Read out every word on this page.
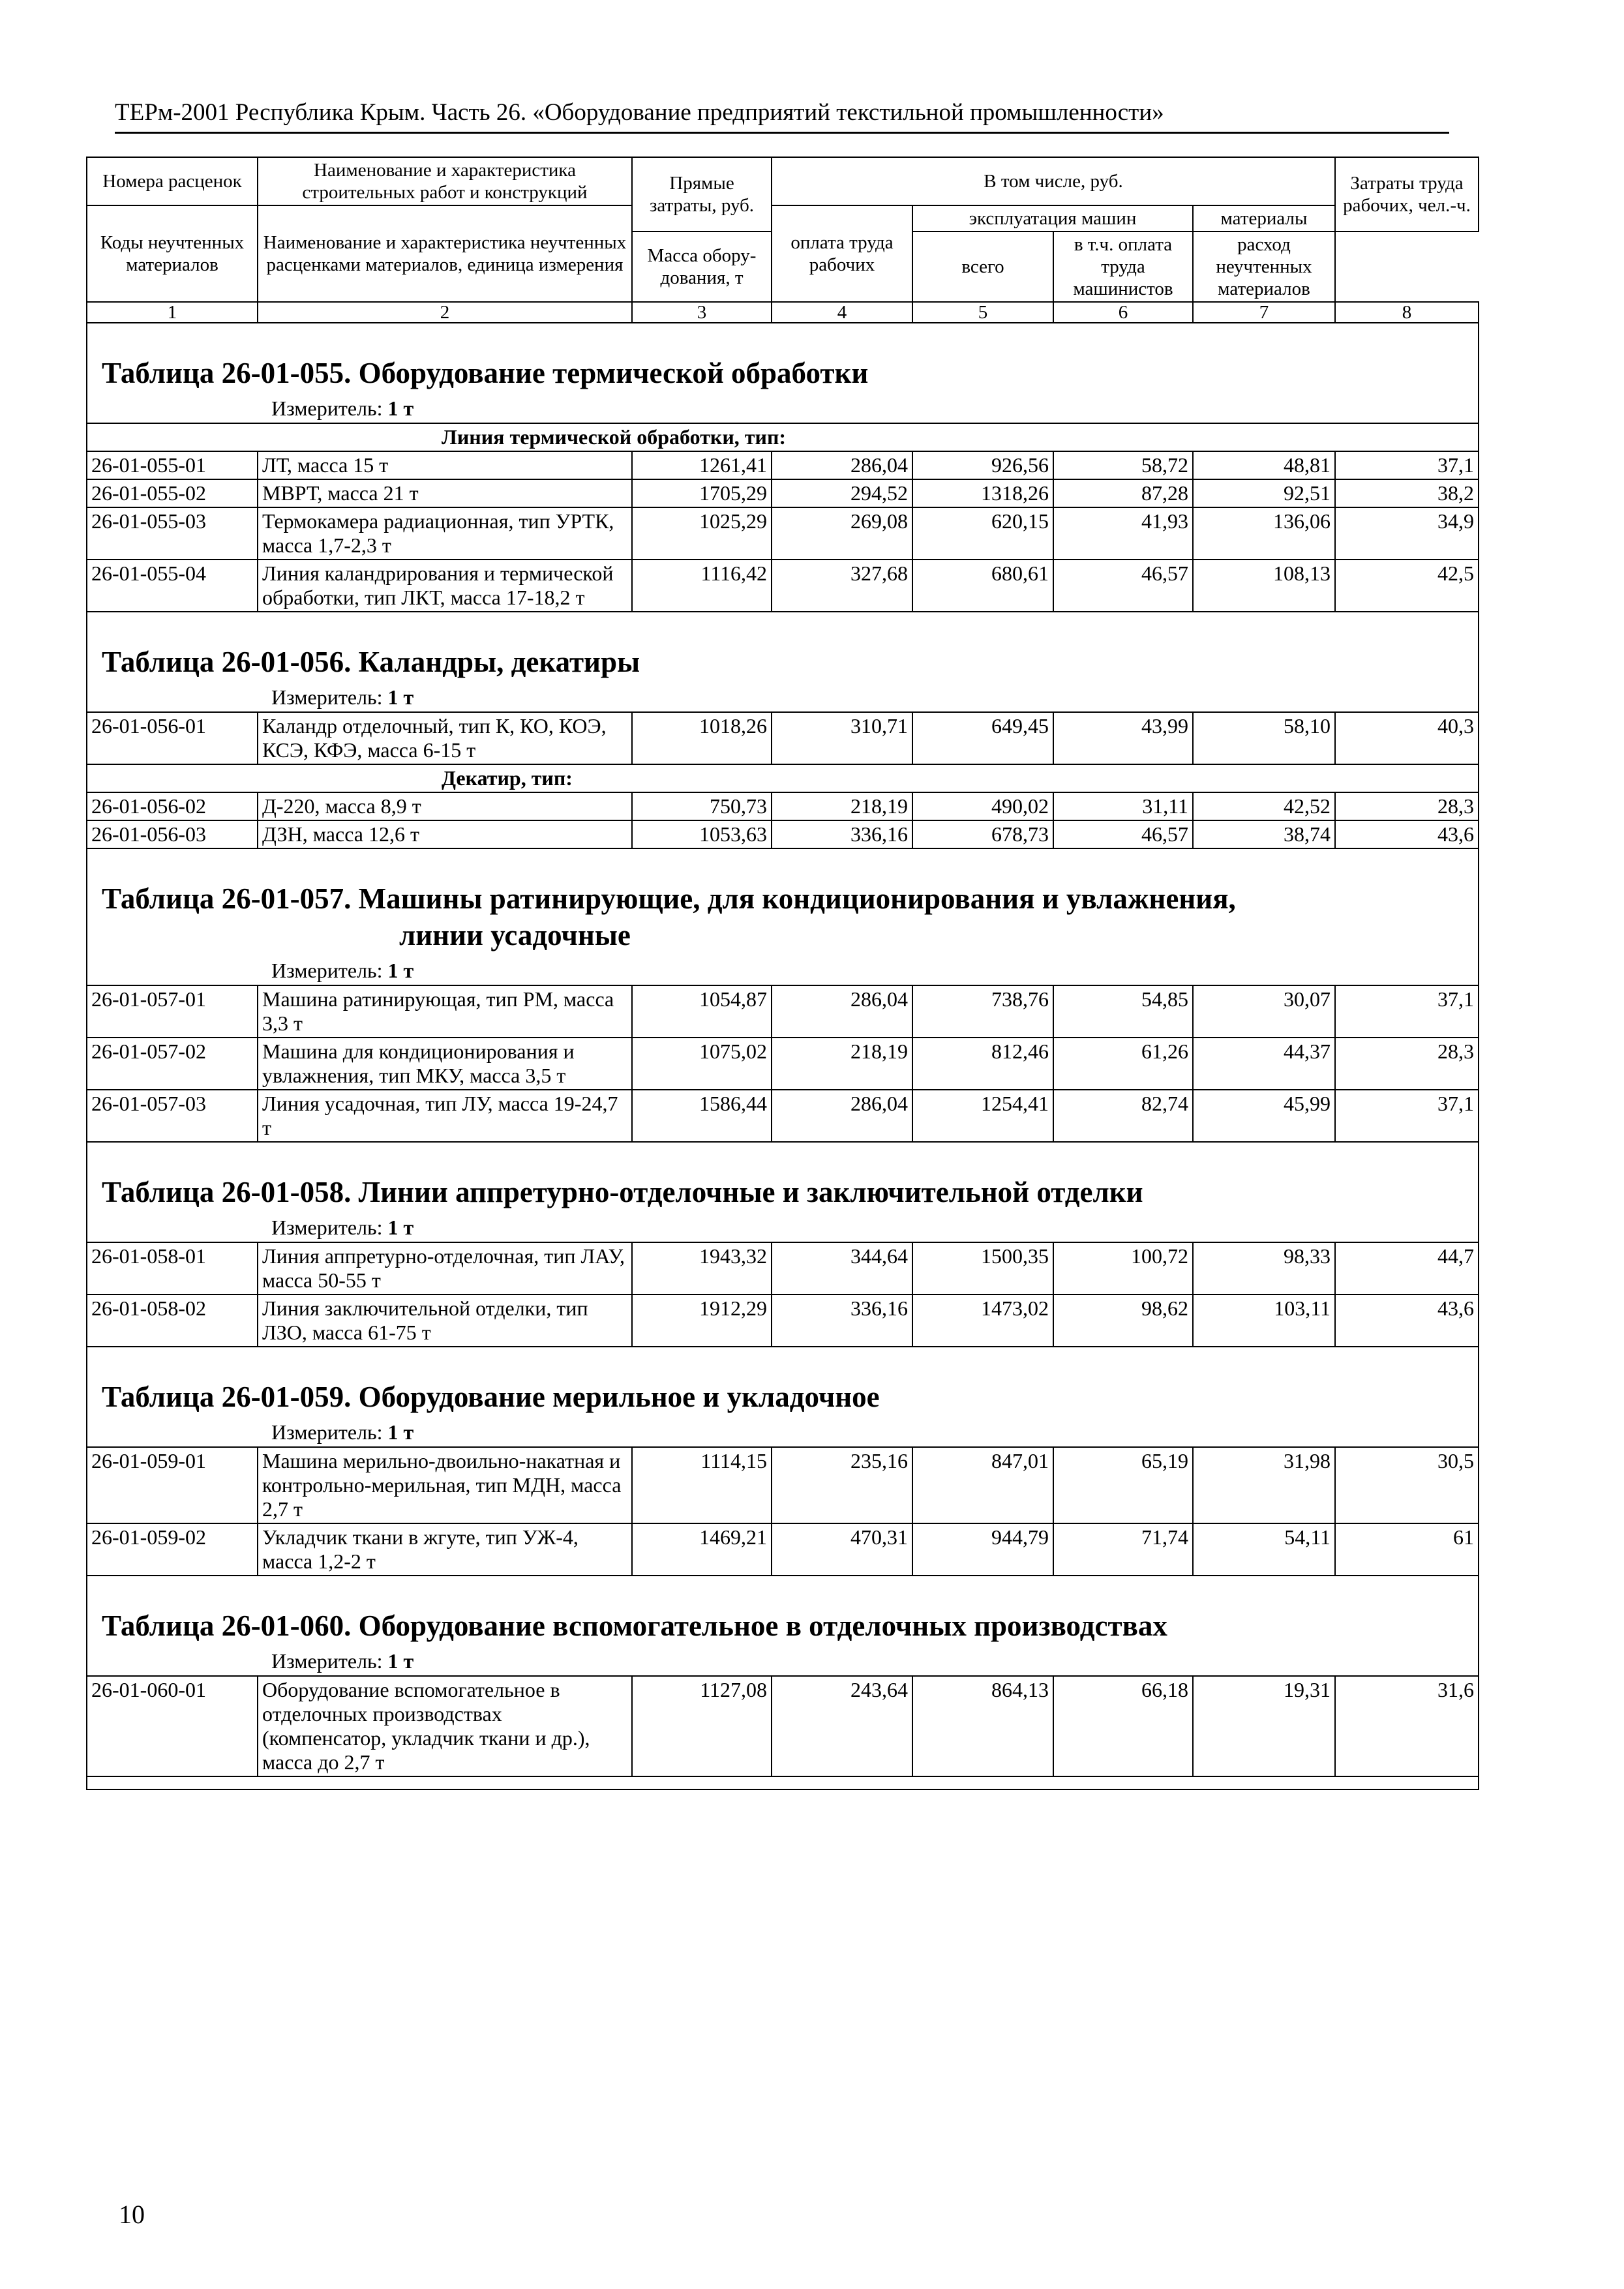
ТЕРм-2001 Республика Крым. Часть 26. «Оборудование предприятий текстильной промышленности»
Номера расценок	Наименование и характеристика строительных работ и конструкций	Прямые затраты, руб.	В том числе, руб.				Затраты труда рабочих, чел.-ч.
Коды неучтенных материалов	Наименование и характеристика неучтенных расценками материалов, единица измерения		оплата труда рабочих	эксплуатация машин		материалы	
				всего	в т.ч. оплата труда машинистов	расход неучтенных материалов	
		Масса обору-дования, т					
1	2	3	4	5	6	7	8

Таблица 26-01-055. Оборудование термической обработки
Измеритель: 1 т							

	Линия термической обработки, тип:						
26-01-055-01	ЛТ, масса 15 т	1261,41	286,04	926,56	58,72	48,81	37,1
26-01-055-02	МВРТ, масса 21 т	1705,29	294,52	1318,26	87,28	92,51	38,2
26-01-055-03	Термокамера радиационная, тип УРТК, масса 1,7-2,3 т	1025,29	269,08	620,15	41,93	136,06	34,9
26-01-055-04	Линия каландрирования и термической обработки, тип ЛКТ, масса 17-18,2 т	1116,42	327,68	680,61	46,57	108,13	42,5

Таблица 26-01-056. Каландры, декатиры
Измеритель: 1 т							

26-01-056-01	Каландр отделочный, тип К, КО, КОЭ, КСЭ, КФЭ, масса 6-15 т	1018,26	310,71	649,45	43,99	58,10	40,3
	Декатир, тип:						
26-01-056-02	Д-220, масса 8,9 т	750,73	218,19	490,02	31,11	42,52	28,3
26-01-056-03	ДЗН, масса 12,6 т	1053,63	336,16	678,73	46,57	38,74	43,6

Таблица 26-01-057. Машины ратинирующие, для кондиционирования и увлажнения,
линии усадочные
Измеритель: 1 т							

26-01-057-01	Машина ратинирующая, тип РМ, масса 3,3 т	1054,87	286,04	738,76	54,85	30,07	37,1
26-01-057-02	Машина для кондиционирования и увлажнения, тип МКУ, масса 3,5 т	1075,02	218,19	812,46	61,26	44,37	28,3
26-01-057-03	Линия усадочная, тип ЛУ, масса 19-24,7 т	1586,44	286,04	1254,41	82,74	45,99	37,1

Таблица 26-01-058. Линии аппретурно-отделочные и заключительной отделки
Измеритель: 1 т							

26-01-058-01	Линия аппретурно-отделочная, тип ЛАУ, масса 50-55 т	1943,32	344,64	1500,35	100,72	98,33	44,7
26-01-058-02	Линия заключительной отделки, тип ЛЗО, масса 61-75 т	1912,29	336,16	1473,02	98,62	103,11	43,6

Таблица 26-01-059. Оборудование мерильное и укладочное
Измеритель: 1 т							

26-01-059-01	Машина мерильно-двоильно-накатная и контрольно-мерильная, тип МДН, масса 2,7 т	1114,15	235,16	847,01	65,19	31,98	30,5
26-01-059-02	Укладчик ткани в жгуте, тип УЖ-4, масса 1,2-2 т	1469,21	470,31	944,79	71,74	54,11	61

Таблица 26-01-060. Оборудование вспомогательное в отделочных производствах
Измеритель: 1 т							

26-01-060-01	Оборудование вспомогательное в отделочных производствах (компенсатор, укладчик ткани и др.), масса до 2,7 т	1127,08	243,64	864,13	66,18	19,31	31,6

10
